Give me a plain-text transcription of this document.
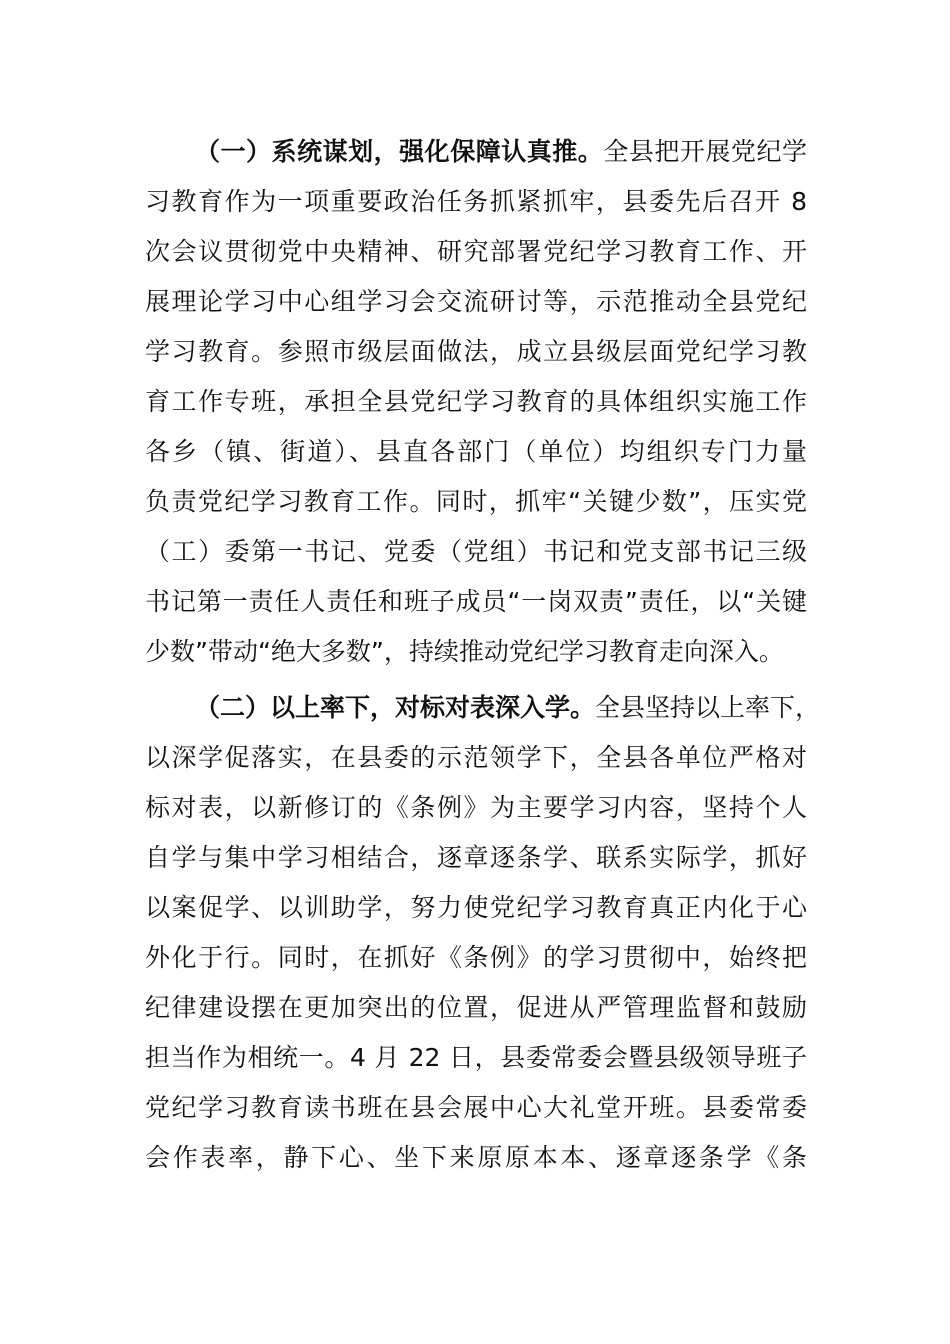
（一）系统谋划，强化保障认真推。全县把开展党纪学
习教育作为一项重要政治任务抓紧抓牢，县委先后召开 8
次会议贯彻党中央精神、研究部署党纪学习教育工作、开
展理论学习中心组学习会交流研讨等，示范推动全县党纪
学习教育。参照市级层面做法，成立县级层面党纪学习教
育工作专班，承担全县党纪学习教育的具体组织实施工作
各乡（镇、街道）、县直各部门（单位）均组织专门力量
负责党纪学习教育工作。同时，抓牢“关键少数”，压实党
（工）委第一书记、党委（党组）书记和党支部书记三级
书记第一责任人责任和班子成员“一岗双责”责任，以“关键
少数”带动“绝大多数”，持续推动党纪学习教育走向深入。
（二）以上率下，对标对表深入学。全县坚持以上率下，
以深学促落实，在县委的示范领学下，全县各单位严格对
标对表，以新修订的《条例》为主要学习内容，坚持个人
自学与集中学习相结合，逐章逐条学、联系实际学，抓好
以案促学、以训助学，努力使党纪学习教育真正内化于心
外化于行。同时，在抓好《条例》的学习贯彻中，始终把
纪律建设摆在更加突出的位置，促进从严管理监督和鼓励
担当作为相统一。4 月 22 日，县委常委会暨县级领导班子
党纪学习教育读书班在县会展中心大礼堂开班。县委常委
会作表率，静下心、坐下来原原本本、逐章逐条学《条
